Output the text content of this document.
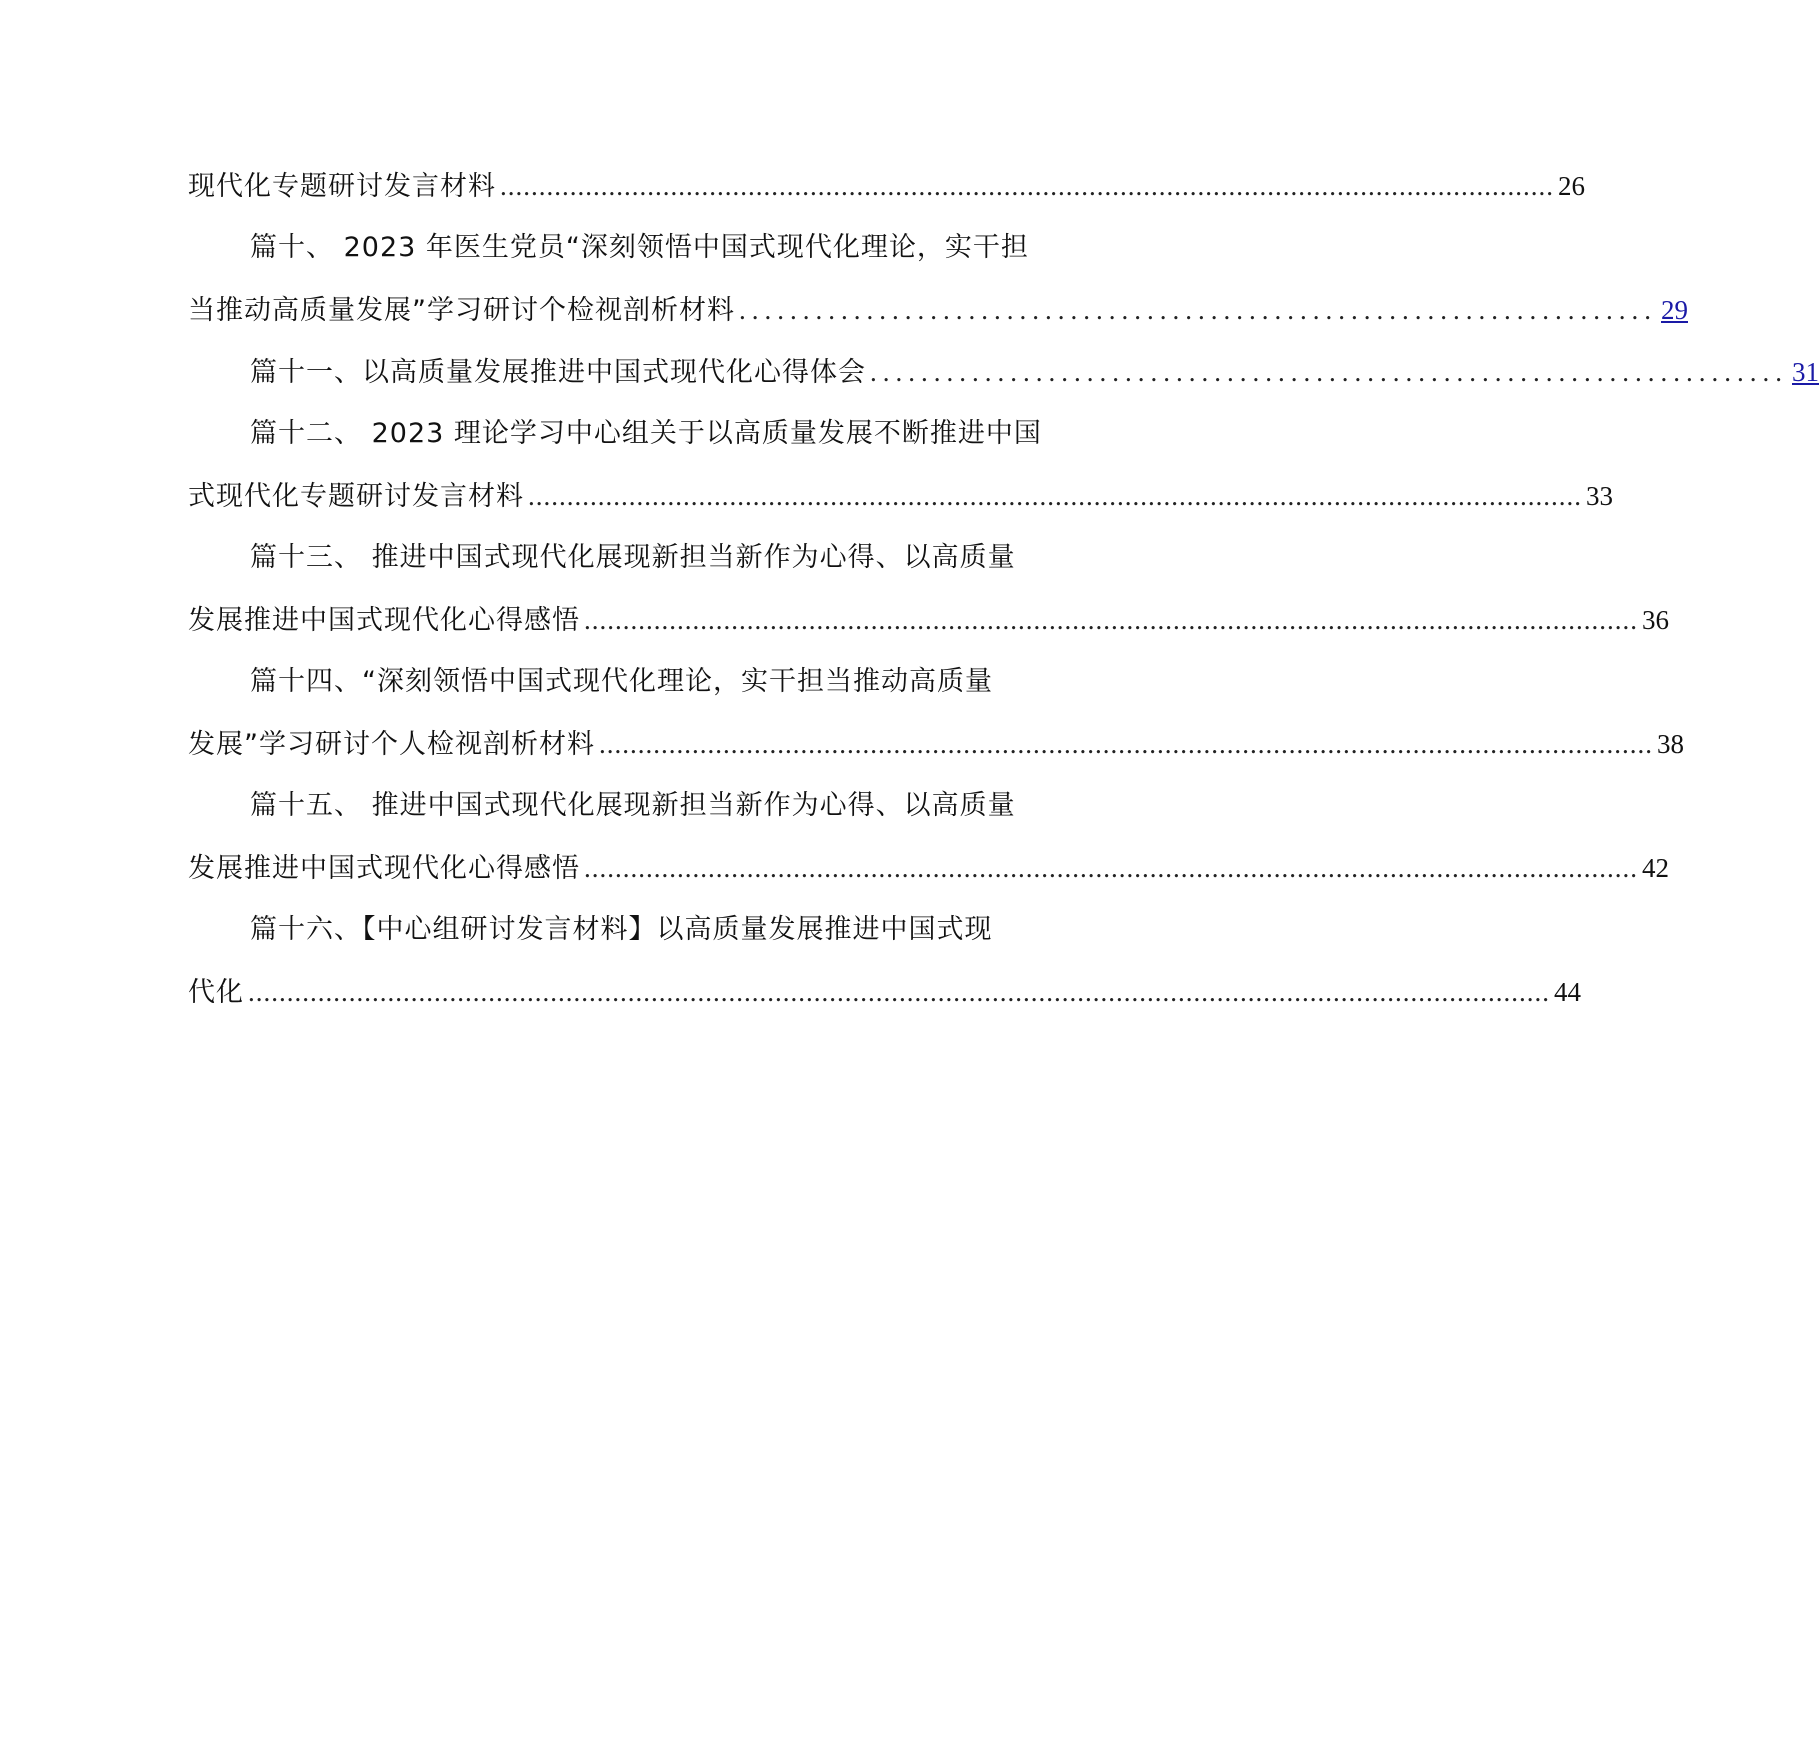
现代化专题研讨发言材料 ........................................................................................................................................ 26
篇十、 2023 年医生党员“深刻领悟中国式现代化理论，实干担
当推动高质量发展”学习研讨个检视剖析材料 ........................................................................ 29
篇十一、以高质量发展推进中国式现代化心得体会 ........................................................................ 31
篇十二、 2023 理论学习中心组关于以高质量发展不断推进中国
式现代化专题研讨发言材料 ........................................................................................................................................ 33
篇十三、 推进中国式现代化展现新担当新作为心得、以高质量
发展推进中国式现代化心得感悟 ........................................................................................................................................ 36
篇十四、“深刻领悟中国式现代化理论，实干担当推动高质量
发展”学习研讨个人检视剖析材料 ........................................................................................................................................ 38
篇十五、 推进中国式现代化展现新担当新作为心得、以高质量
发展推进中国式现代化心得感悟 ........................................................................................................................................ 42
篇十六、【中心组研讨发言材料】以高质量发展推进中国式现
代化 ........................................................................................................................................................................ 44
